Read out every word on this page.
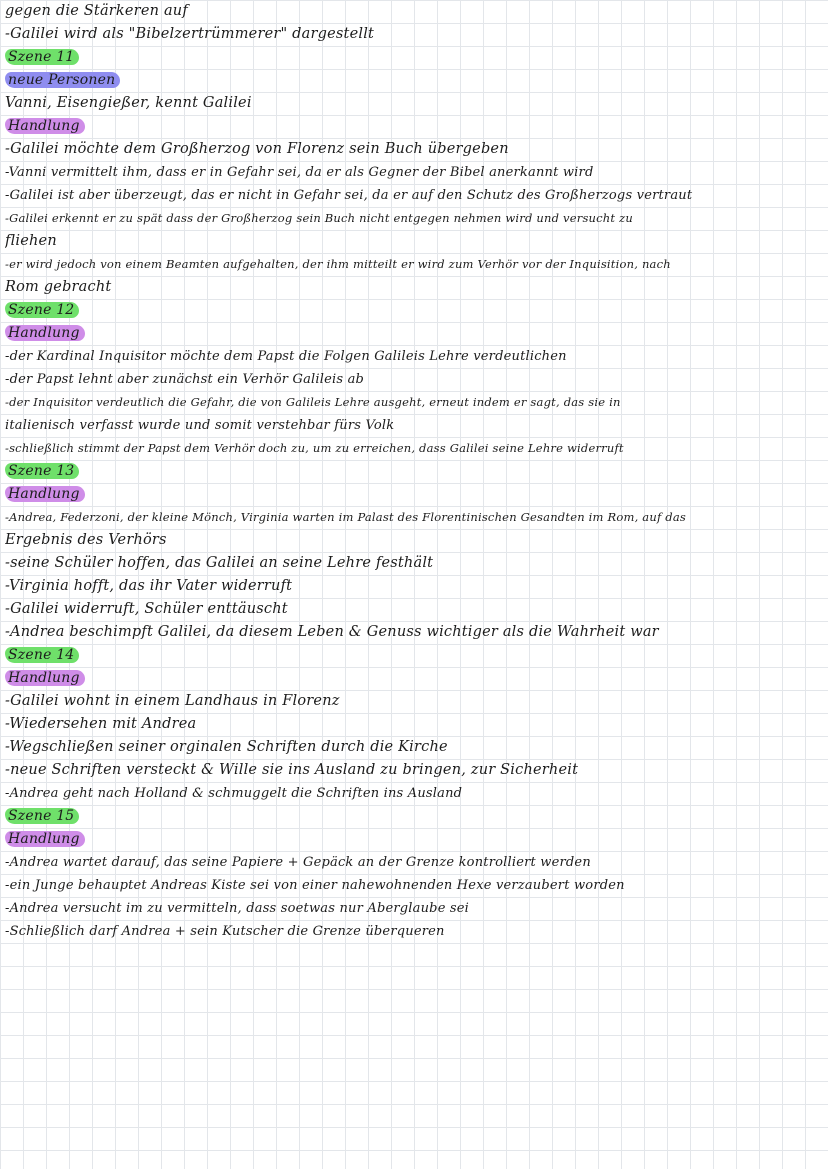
gegen die Stärkeren auf
-Galilei wird als "Bibelzertrümmerer" dargestellt
Szene 11
neue Personen
Vanni, Eisengießer, kennt Galilei
Handlung
-Galilei möchte dem Großherzog von Florenz sein Buch übergeben
-Vanni vermittelt ihm, dass er in Gefahr sei, da er als Gegner der Bibel anerkannt wird
-Galilei ist aber überzeugt, das er nicht in Gefahr sei, da er auf den Schutz des Großherzogs vertraut
-Galilei erkennt er zu spät dass der Großherzog sein Buch nicht entgegen nehmen wird und versucht zu
fliehen
-er wird jedoch von einem Beamten aufgehalten, der ihm mitteilt er wird zum Verhör vor der Inquisition, nach
Rom gebracht
Szene 12
Handlung
-der Kardinal Inquisitor möchte dem Papst die Folgen Galileis Lehre verdeutlichen
-der Papst lehnt aber zunächst ein Verhör Galileis ab
-der Inquisitor verdeutlich die Gefahr, die von Galileis Lehre ausgeht, erneut indem er sagt, das sie in
italienisch verfasst wurde und somit verstehbar fürs Volk
-schließlich stimmt der Papst dem Verhör doch zu, um zu erreichen, dass Galilei seine Lehre widerruft
Szene 13
Handlung
-Andrea, Federzoni, der kleine Mönch, Virginia warten im Palast des Florentinischen Gesandten im Rom, auf das
Ergebnis des Verhörs
-seine Schüler hoffen, das Galilei an seine Lehre festhält
-Virginia hofft, das ihr Vater widerruft
-Galilei widerruft, Schüler enttäuscht
-Andrea beschimpft Galilei, da diesem Leben & Genuss wichtiger als die Wahrheit war
Szene 14
Handlung
-Galilei wohnt in einem Landhaus in Florenz
-Wiedersehen mit Andrea
-Wegschließen seiner orginalen Schriften durch die Kirche
-neue Schriften versteckt & Wille sie ins Ausland zu bringen, zur Sicherheit
-Andrea geht nach Holland & schmuggelt die Schriften ins Ausland
Szene 15
Handlung
-Andrea wartet darauf, das seine Papiere + Gepäck an der Grenze kontrolliert werden
-ein Junge behauptet Andreas Kiste sei von einer nahewohnenden Hexe verzaubert worden
-Andrea versucht im zu vermitteln, dass soetwas nur Aberglaube sei
-Schließlich darf Andrea + sein Kutscher die Grenze überqueren
